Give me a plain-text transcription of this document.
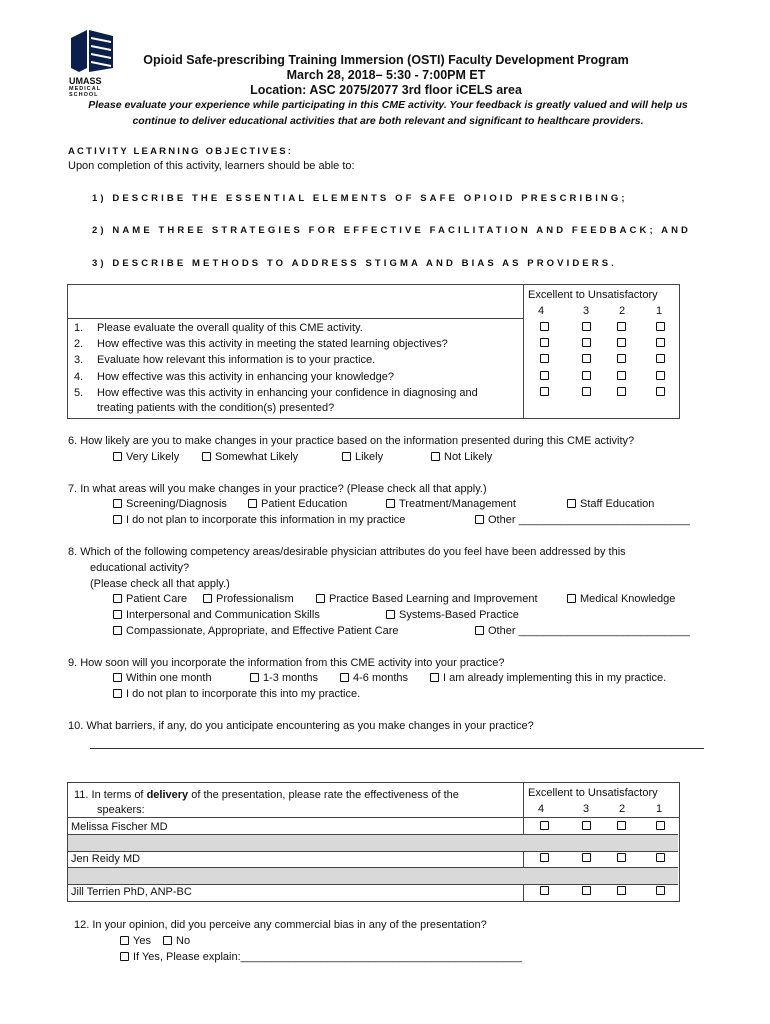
UMASS
MEDICAL
SCHOOL
Opioid Safe-prescribing Training Immersion (OSTI) Faculty Development Program
March 28, 2018– 5:30 - 7:00PM ET
Location: ASC 2075/2077 3rd floor iCELS area
Please evaluate your experience while participating in this CME activity. Your feedback is greatly valued and will help us
continue to deliver educational activities that are both relevant and significant to healthcare providers.
ACTIVITY LEARNING OBJECTIVES:
Upon completion of this activity, learners should be able to:
1) DESCRIBE THE ESSENTIAL ELEMENTS OF SAFE OPIOID PRESCRIBING;
2) NAME THREE STRATEGIES FOR EFFECTIVE FACILITATION AND FEEDBACK; AND
3) DESCRIBE METHODS TO ADDRESS STIGMA AND BIAS AS PROVIDERS.
Excellent to Unsatisfactory
4	3	2	1
1. Please evaluate the overall quality of this CME activity.
2. How effective was this activity in meeting the stated learning objectives?
3. Evaluate how relevant this information is to your practice.
4. How effective was this activity in enhancing your knowledge?
5. How effective was this activity in enhancing your confidence in diagnosing and
treating patients with the condition(s) presented?
6. How likely are you to make changes in your practice based on the information presented during this CME activity?
Very Likely	Somewhat Likely	Likely	Not Likely
7. In what areas will you make changes in your practice? (Please check all that apply.)
Screening/Diagnosis	Patient Education	Treatment/Management	Staff Education
I do not plan to incorporate this information in my practice	Other ____________________________
8. Which of the following competency areas/desirable physician attributes do you feel have been addressed by this
educational activity?
(Please check all that apply.)
Patient Care	Professionalism	Practice Based Learning and Improvement	Medical Knowledge
Interpersonal and Communication Skills	Systems-Based Practice
Compassionate, Appropriate, and Effective Patient Care	Other ____________________________
9. How soon will you incorporate the information from this CME activity into your practice?
Within one month	1-3 months	4-6 months	I am already implementing this in my practice.
I do not plan to incorporate this into my practice.
10. What barriers, if any, do you anticipate encountering as you make changes in your practice?
11. In terms of delivery of the presentation, please rate the effectiveness of the
speakers:
Excellent to Unsatisfactory
4	3	2	1
Melissa Fischer MD
Jen Reidy MD
Jill Terrien PhD, ANP-BC
12. In your opinion, did you perceive any commercial bias in any of the presentation?
Yes	No
If Yes, Please explain:______________________________________________
